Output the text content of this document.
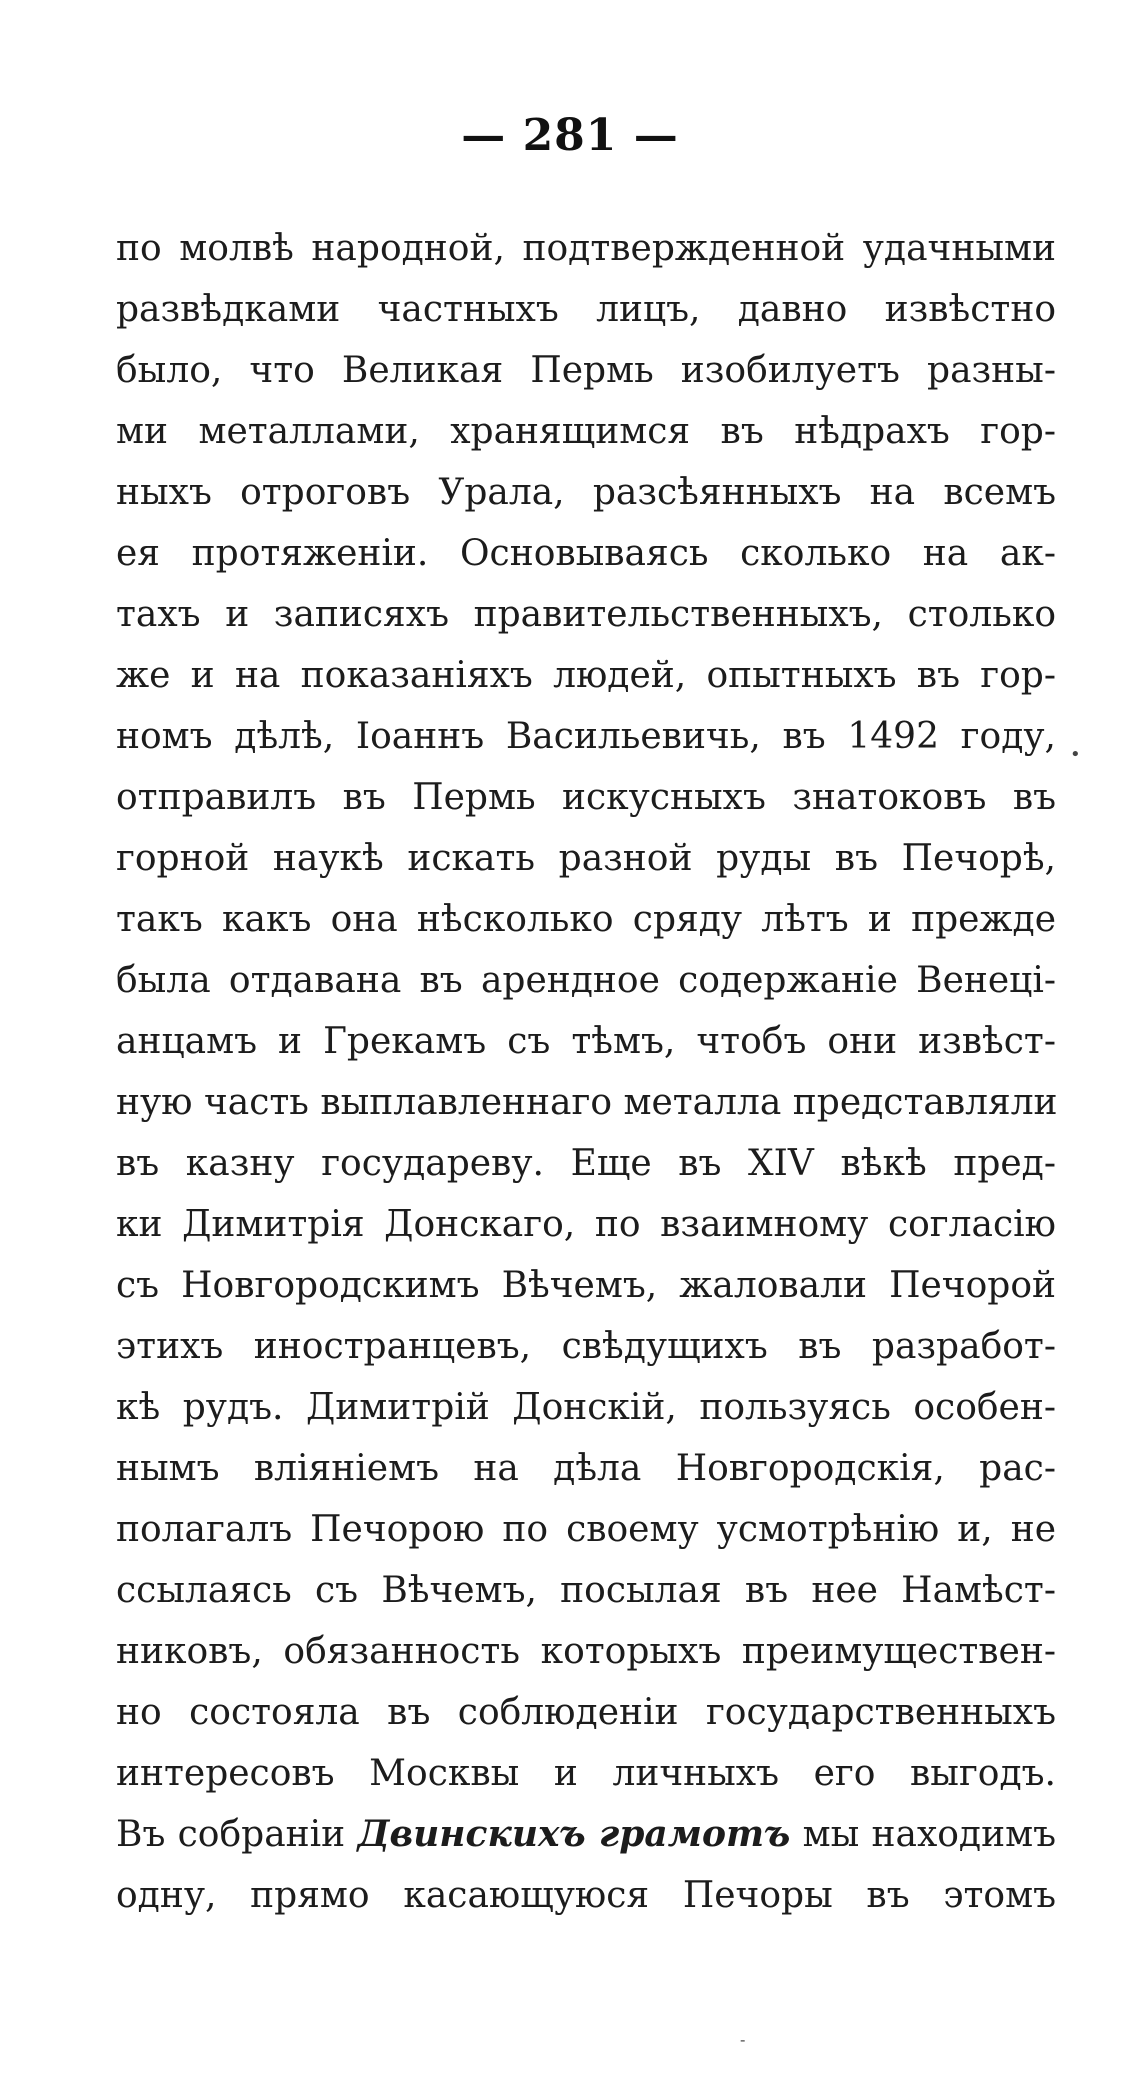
— 281 —
по молвѣ народной, подтвержденной удачными
развѣдками частныхъ лицъ, давно извѣстно
было, что Великая Пермь изобилуетъ разны-
ми металлами, хранящимся въ нѣдрахъ гор-
ныхъ отроговъ Урала, разсѣянныхъ на всемъ
ея протяженіи. Основываясь сколько на ак-
тахъ и записяхъ правительственныхъ, столько
же и на показаніяхъ людей, опытныхъ въ гор-
номъ дѣлѣ, Іоаннъ Васильевичь, въ 1492 году,
отправилъ въ Пермь искусныхъ знатоковъ въ
горной наукѣ искать разной руды въ Печорѣ,
такъ какъ она нѣсколько сряду лѣтъ и прежде
была отдавана въ арендное содержаніе Венеці-
анцамъ и Грекамъ съ тѣмъ, чтобъ они извѣст-
ную часть выплавленнаго металла представляли
въ казну государеву. Еще въ XIV вѣкѣ пред-
ки Димитрія Донскаго, по взаимному согласію
съ Новгородскимъ Вѣчемъ, жаловали Печорой
этихъ иностранцевъ, свѣдущихъ въ разработ-
кѣ рудъ. Димитрій Донскій, пользуясь особен-
нымъ вліяніемъ на дѣла Новгородскія, рас-
полагалъ Печорою по своему усмотрѣнію и, не
ссылаясь съ Вѣчемъ, посылая въ нее Намѣст-
никовъ, обязанность которыхъ преимуществен-
но состояла въ соблюденіи государственныхъ
интересовъ Москвы и личныхъ его выгодъ.
Въ собраніи Двинскихъ грамотъ мы находимъ
одну, прямо касающуюся Печоры въ этомъ
•
-
